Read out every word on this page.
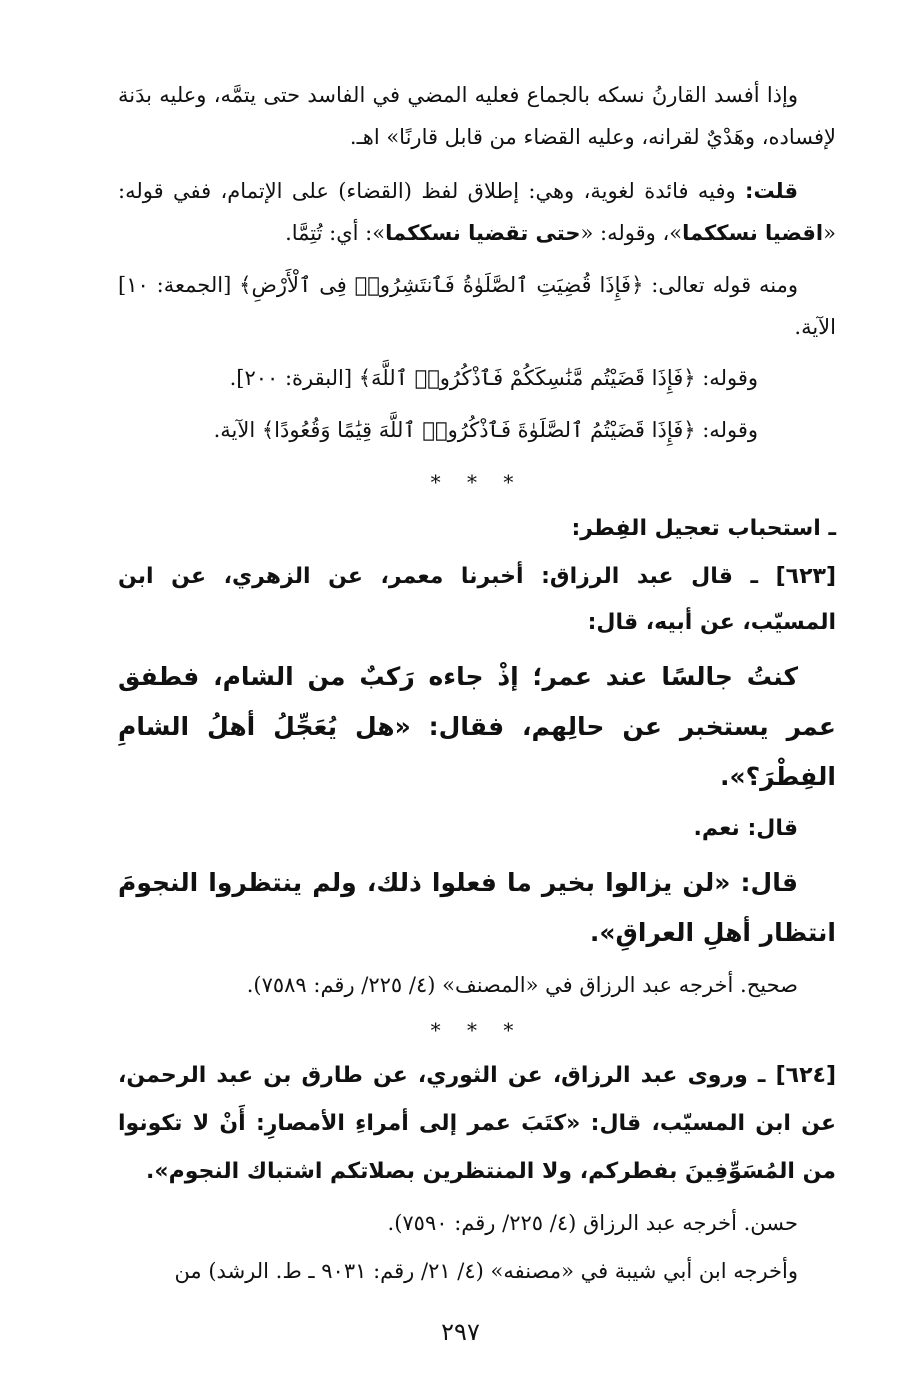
وإذا أفسد القارنُ نسكه بالجماع فعليه المضي في الفاسد حتى يتمَّه، وعليه بدَنة لإفساده، وهَدْيٌ لقرانه، وعليه القضاء من قابل قارنًا» اهـ.

قلت: وفيه فائدة لغوية، وهي: إطلاق لفظ (القضاء) على الإتمام، ففي قوله: «اقضيا نسككما»، وقوله: «حتى تقضيا نسككما»: أي: تُتِمَّا.

ومنه قوله تعالى: ﴿فَإِذَا قُضِيَتِ ٱلصَّلَوٰةُ فَٱنتَشِرُوا۟ فِى ٱلْأَرْضِ﴾ [الجمعة: ١٠] الآية.

وقوله: ﴿فَإِذَا قَضَيْتُم مَّنَٰسِكَكُمْ فَٱذْكُرُوا۟ ٱللَّهَ﴾ [البقرة: ٢٠٠].

وقوله: ﴿فَإِذَا قَضَيْتُمُ ٱلصَّلَوٰةَ فَٱذْكُرُوا۟ ٱللَّهَ قِيَٰمًا وَقُعُودًا﴾ الآية.

* * *

ـ استحباب تعجيل الفِطر:

[٦٢٣] ـ قال عبد الرزاق: أخبرنا معمر، عن الزهري، عن ابن المسيّب، عن أبيه، قال:

كنتُ جالسًا عند عمر؛ إذْ جاءه رَكبٌ من الشام، فطفق عمر يستخبر عن حالِهم، فقال: «هل يُعَجِّلُ أهلُ الشامِ الفِطْرَ؟».

قال: نعم.

قال: «لن يزالوا بخير ما فعلوا ذلك، ولم ينتظروا النجومَ انتظار أهلِ العراقِ».

صحيح. أخرجه عبد الرزاق في «المصنف» (٤/ ٢٢٥/ رقم: ٧٥٨٩).

* * *

[٦٢٤] ـ وروى عبد الرزاق، عن الثوري، عن طارق بن عبد الرحمن، عن ابن المسيّب، قال: «كتَبَ عمر إلى أمراءِ الأمصارِ: أَنْ لا تكونوا من المُسَوِّفِينَ بفطركم، ولا المنتظرين بصلاتكم اشتباك النجوم».

حسن. أخرجه عبد الرزاق (٤/ ٢٢٥/ رقم: ٧٥٩٠).

وأخرجه ابن أبي شيبة في «مصنفه» (٤/ ٢١/ رقم: ٩٠٣١ ـ ط. الرشد) من

٢٩٧
